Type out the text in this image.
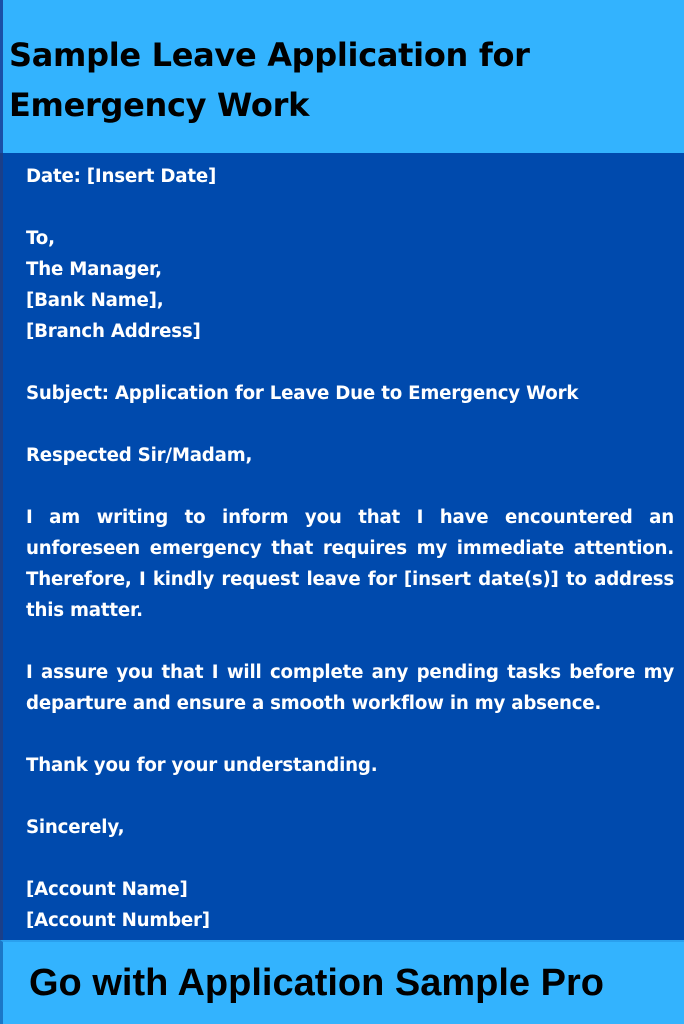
Sample Leave Application for Emergency Work
Date: [Insert Date]
To,
The Manager,
[Bank Name],
[Branch Address]
Subject: Application for Leave Due to Emergency Work
Respected Sir/Madam,
I am writing to inform you that I have encountered an unforeseen emergency that requires my immediate attention. Therefore, I kindly request leave for [insert date(s)] to address this matter.
I assure you that I will complete any pending tasks before my departure and ensure a smooth workflow in my absence.
Thank you for your understanding.
Sincerely,
[Account Name]
[Account Number]
Go with Application Sample Pro
